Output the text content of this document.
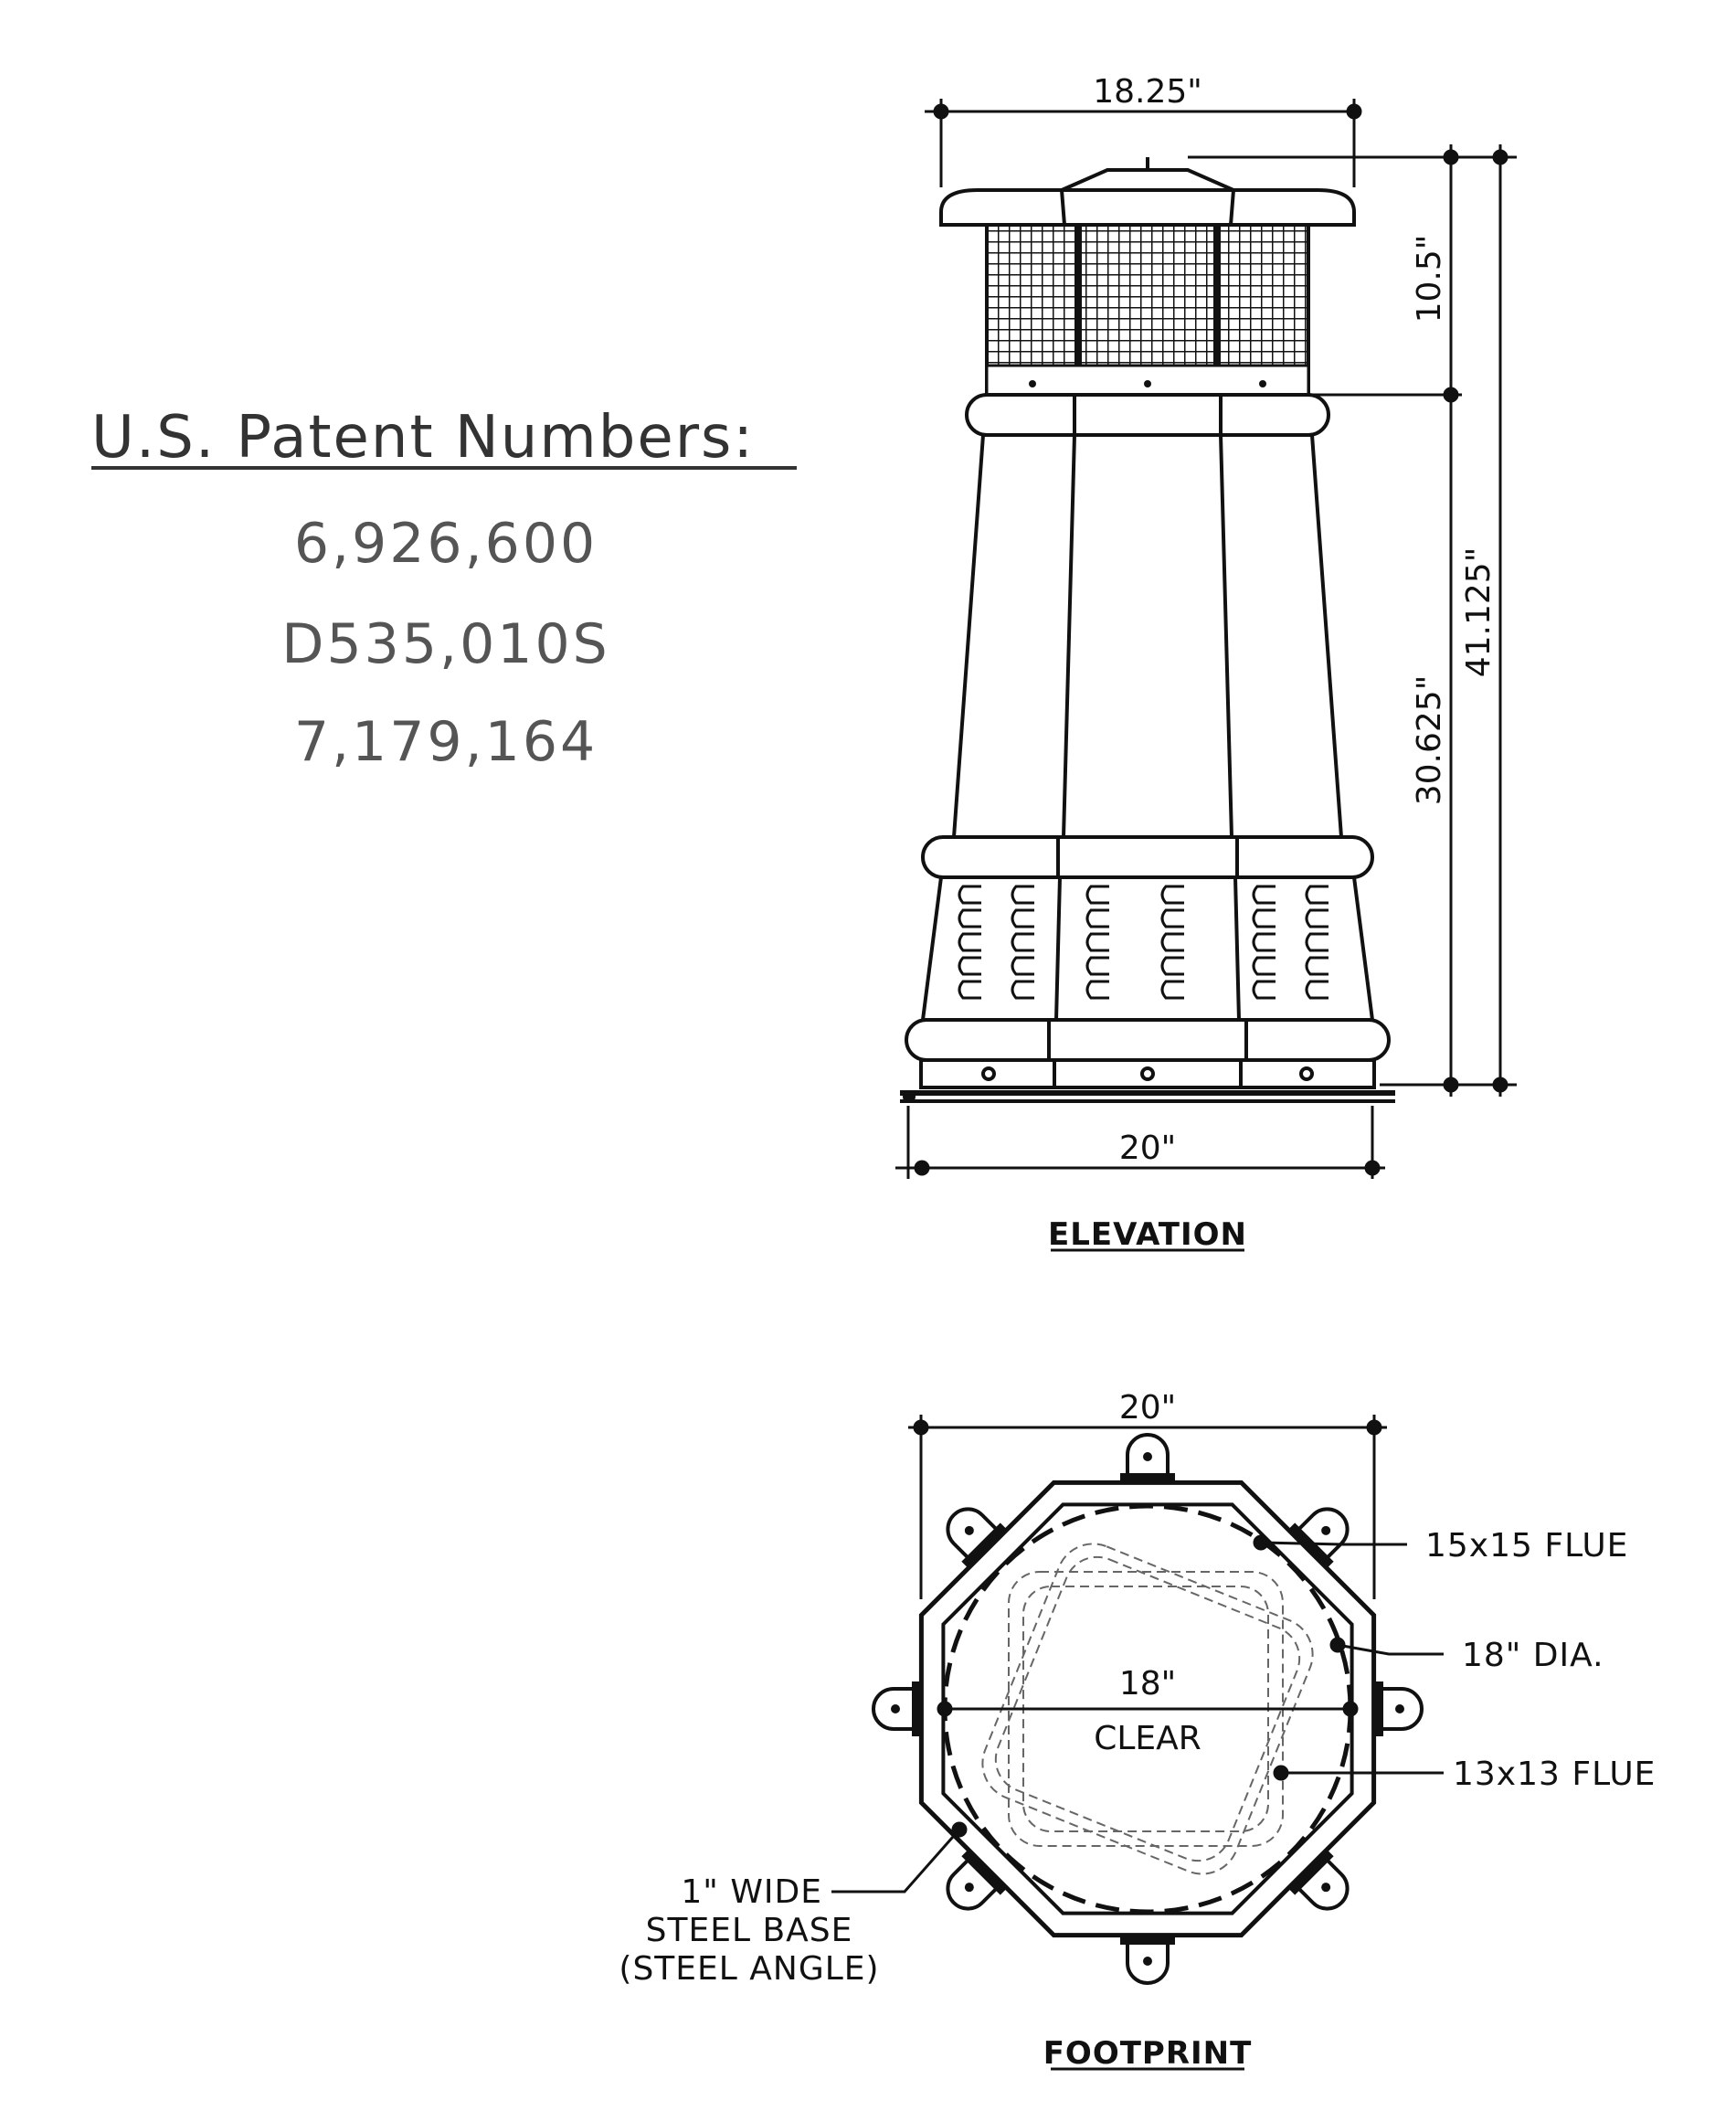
U.S. Patent Numbers:
6,926,600
D535,010S
7,179,164
18.25"
10.5"
30.625"
41.125"
20"
ELEVATION
20"
18"
CLEAR
15x15 FLUE
18" DIA.
13x13 FLUE
1" WIDE
STEEL BASE
(STEEL ANGLE)
FOOTPRINT
